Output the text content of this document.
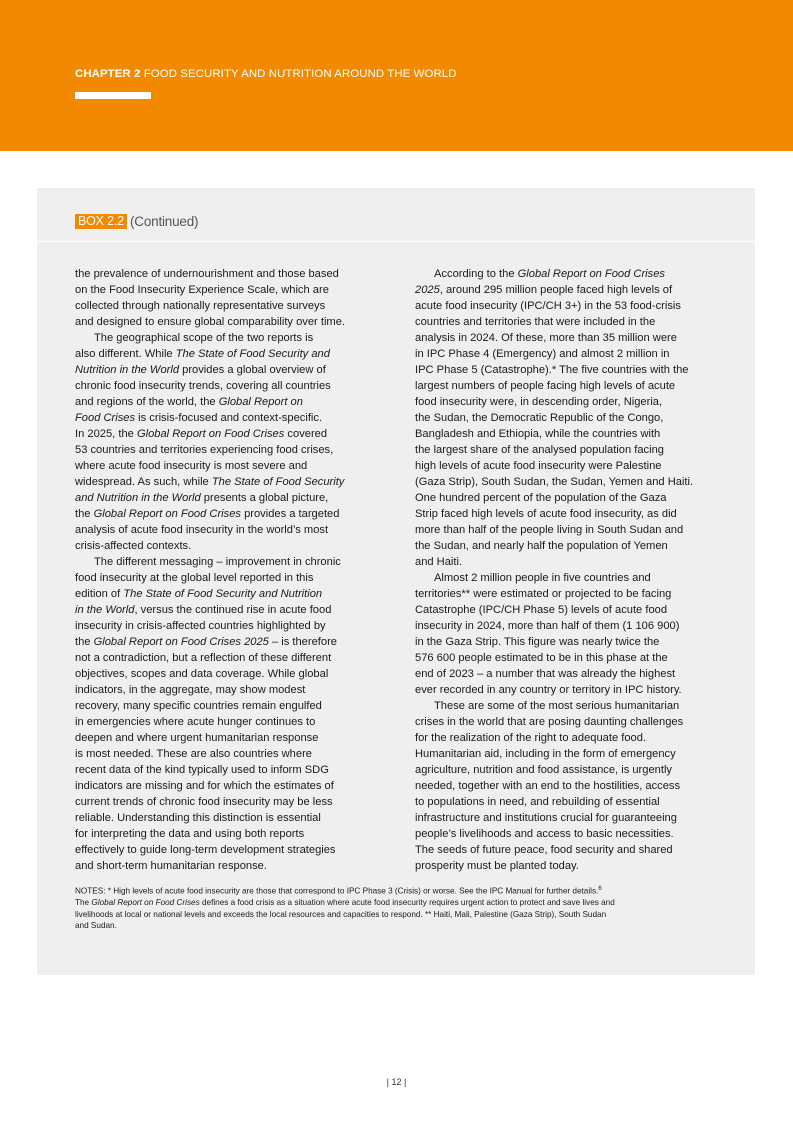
CHAPTER 2 FOOD SECURITY AND NUTRITION AROUND THE WORLD
BOX 2.2 (Continued)

the prevalence of undernourishment and those based
on the Food Insecurity Experience Scale, which are
collected through nationally representative surveys
and designed to ensure global comparability over time.

The geographical scope of the two reports is
also different. While The State of Food Security and
Nutrition in the World provides a global overview of
chronic food insecurity trends, covering all countries
and regions of the world, the Global Report on
Food Crises is crisis-focused and context-specific.
In 2025, the Global Report on Food Crises covered
53 countries and territories experiencing food crises,
where acute food insecurity is most severe and
widespread. As such, while The State of Food Security
and Nutrition in the World presents a global picture,
the Global Report on Food Crises provides a targeted
analysis of acute food insecurity in the world’s most
crisis-affected contexts.

The different messaging – improvement in chronic
food insecurity at the global level reported in this
edition of The State of Food Security and Nutrition
in the World, versus the continued rise in acute food
insecurity in crisis-affected countries highlighted by
the Global Report on Food Crises 2025 – is therefore
not a contradiction, but a reflection of these different
objectives, scopes and data coverage. While global
indicators, in the aggregate, may show modest
recovery, many specific countries remain engulfed
in emergencies where acute hunger continues to
deepen and where urgent humanitarian response
is most needed. These are also countries where
recent data of the kind typically used to inform SDG
indicators are missing and for which the estimates of
current trends of chronic food insecurity may be less
reliable. Understanding this distinction is essential
for interpreting the data and using both reports
effectively to guide long-term development strategies
and short-term humanitarian response.

According to the Global Report on Food Crises
2025, around 295 million people faced high levels of
acute food insecurity (IPC/CH 3+) in the 53 food-crisis
countries and territories that were included in the
analysis in 2024. Of these, more than 35 million were
in IPC Phase 4 (Emergency) and almost 2 million in
IPC Phase 5 (Catastrophe).* The five countries with the
largest numbers of people facing high levels of acute
food insecurity were, in descending order, Nigeria,
the Sudan, the Democratic Republic of the Congo,
Bangladesh and Ethiopia, while the countries with
the largest share of the analysed population facing
high levels of acute food insecurity were Palestine
(Gaza Strip), South Sudan, the Sudan, Yemen and Haiti.
One hundred percent of the population of the Gaza
Strip faced high levels of acute food insecurity, as did
more than half of the people living in South Sudan and
the Sudan, and nearly half the population of Yemen
and Haiti.

Almost 2 million people in five countries and
territories** were estimated or projected to be facing
Catastrophe (IPC/CH Phase 5) levels of acute food
insecurity in 2024, more than half of them (1 106 900)
in the Gaza Strip. This figure was nearly twice the
576 600 people estimated to be in this phase at the
end of 2023 – a number that was already the highest
ever recorded in any country or territory in IPC history.

These are some of the most serious humanitarian
crises in the world that are posing daunting challenges
for the realization of the right to adequate food.
Humanitarian aid, including in the form of emergency
agriculture, nutrition and food assistance, is urgently
needed, together with an end to the hostilities, access
to populations in need, and rebuilding of essential
infrastructure and institutions crucial for guaranteeing
people’s livelihoods and access to basic necessities.
The seeds of future peace, food security and shared
prosperity must be planted today.

NOTES: * High levels of acute food insecurity are those that correspond to IPC Phase 3 (Crisis) or worse. See the IPC Manual for further details.$^6$
The Global Report on Food Crises defines a food crisis as a situation where acute food insecurity requires urgent action to protect and save lives and
livelihoods at local or national levels and exceeds the local resources and capacities to respond. ** Haiti, Mali, Palestine (Gaza Strip), South Sudan
and Sudan.
| 12 |
